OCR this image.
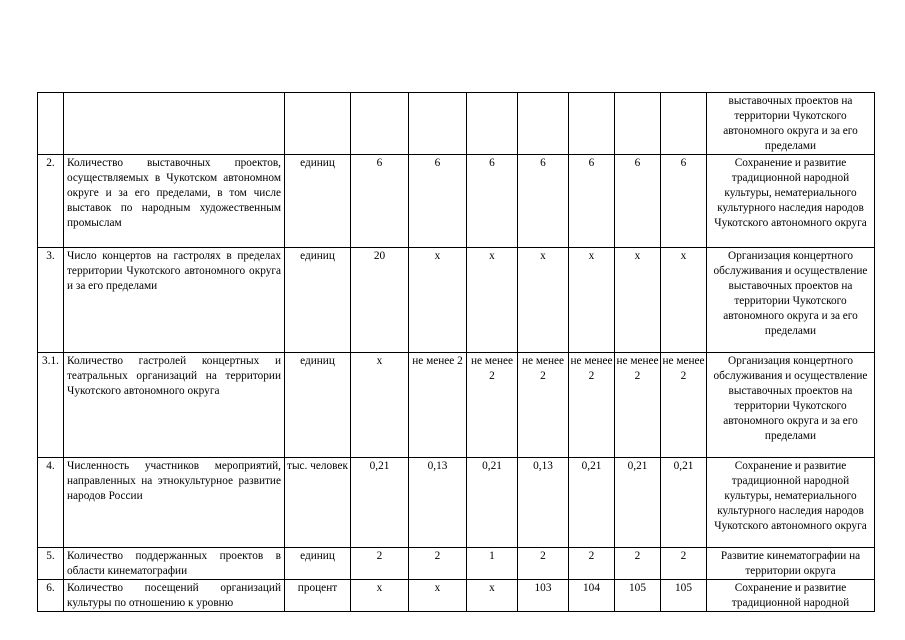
										выставочных проектов на территории Чукотского автономного округа и за его пределами
2.	Количество выставочных проектов, осуществляемых в Чукотском автономном округе и за его пределами, в том числе выставок по народным художественным промыслам	единиц	6	6	6	6	6	6	6	Сохранение и развитие традиционной народной культуры, нематериального культурного наследия народов Чукотского автономного округа
3.	Число концертов на гастролях в пределах территории Чукотского автономного округа и за его пределами	единиц	20	х	х	х	х	х	х	Организация концертного обслуживания и осуществление выставочных проектов на территории Чукотского автономного округа и за его пределами
3.1.	Количество гастролей концертных и театральных организаций на территории Чукотского автономного округа	единиц	х	не менее 2	не менее 2	не менее 2	не менее 2	не менее 2	не менее 2	Организация концертного обслуживания и осуществление выставочных проектов на территории Чукотского автономного округа и за его пределами
4.	Численность участников мероприятий, направленных на этнокультурное развитие народов России	тыс. человек	0,21	0,13	0,21	0,13	0,21	0,21	0,21	Сохранение и развитие традиционной народной культуры, нематериального культурного наследия народов Чукотского автономного округа
5.	Количество поддержанных проектов в области кинематографии	единиц	2	2	1	2	2	2	2	Развитие кинематографии на территории округа
6.	Количество посещений организаций культуры по отношению к уровню	процент	х	х	х	103	104	105	105	Сохранение и развитие традиционной народной
